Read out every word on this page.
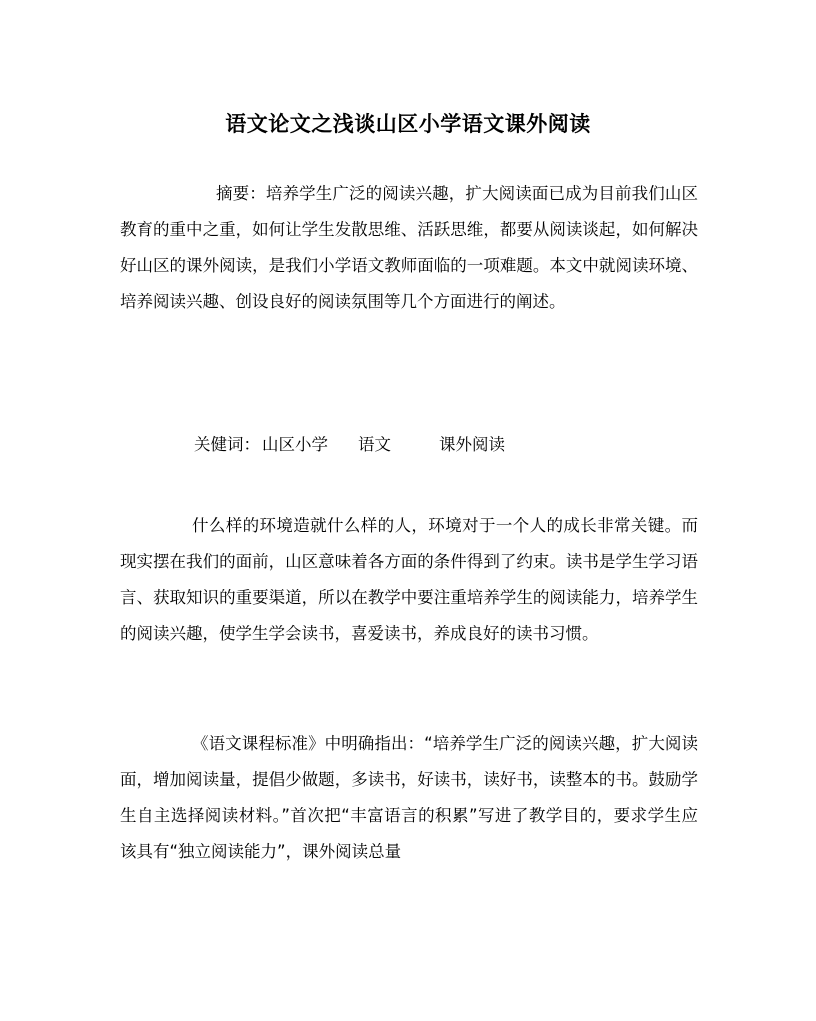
语文论文之浅谈山区小学语文课外阅读

摘要：培养学生广泛的阅读兴趣，扩大阅读面已成为目前我们山区教育的重中之重，如何让学生发散思维、活跃思维，都要从阅读谈起，如何解决好山区的课外阅读，是我们小学语文教师面临的一项难题。本文中就阅读环境、培养阅读兴趣、创设良好的阅读氛围等几个方面进行的阐述。

关健词： 山区小学 语文	课外阅读

什么样的环境造就什么样的人，环境对于一个人的成长非常关键。而现实摆在我们的面前，山区意味着各方面的条件得到了约束。读书是学生学习语言、获取知识的重要渠道，所以在教学中要注重培养学生的阅读能力，培养学生的阅读兴趣，使学生学会读书，喜爱读书，养成良好的读书习惯。

《语文课程标准》中明确指出：“培养学生广泛的阅读兴趣，扩大阅读面，增加阅读量，提倡少做题，多读书，好读书，读好书，读整本的书。鼓励学生自主选择阅读材料。”首次把“丰富语言的积累”写进了教学目的，要求学生应该具有“独立阅读能力”，课外阅读总量
